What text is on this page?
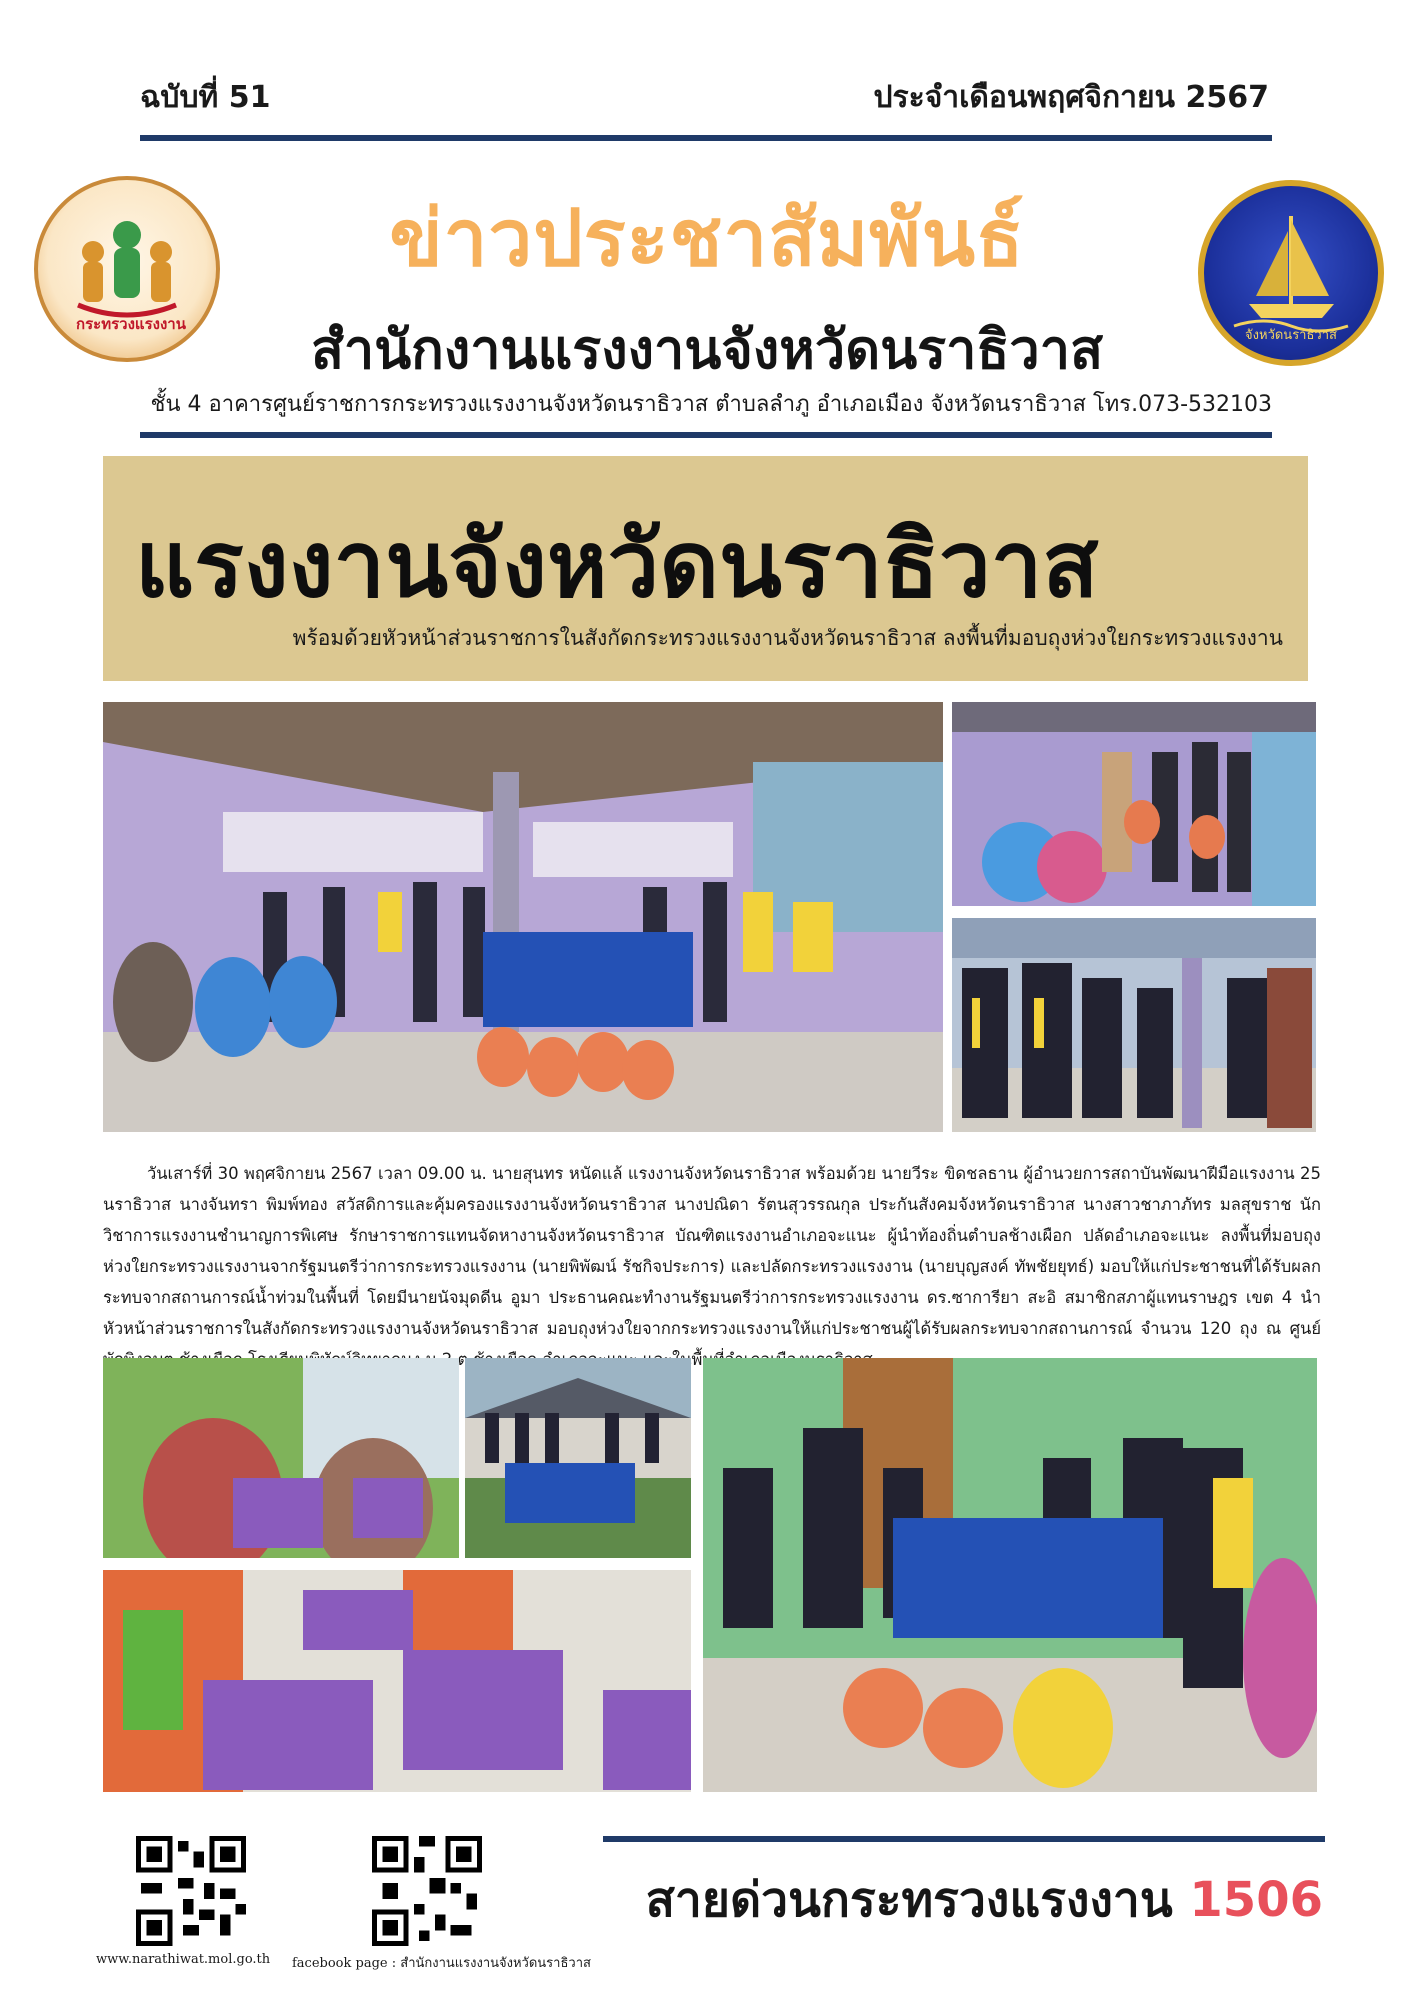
ฉบับที่ 51	ประจำเดือนพฤศจิกายน 2567
กระทรวงแรงงาน
จังหวัดนราธิวาส
ข่าวประชาสัมพันธ์
สำนักงานแรงงานจังหวัดนราธิวาส
ชั้น 4 อาคารศูนย์ราชการกระทรวงแรงงานจังหวัดนราธิวาส ตำบลลำภู อำเภอเมือง จังหวัดนราธิวาส โทร.073-532103
แรงงานจังหวัดนราธิวาส
พร้อมด้วยหัวหน้าส่วนราชการในสังกัดกระทรวงแรงงานจังหวัดนราธิวาส ลงพื้นที่มอบถุงห่วงใยกระทรวงแรงงาน

วันเสาร์ที่ 30 พฤศจิกายน 2567 เวลา 09.00 น. นายสุนทร หนัดแล้ แรงงานจังหวัดนราธิวาส พร้อมด้วย นายวีระ ขิดชลธาน ผู้อำนวยการสถาบันพัฒนาฝีมือแรงงาน 25 นราธิวาส นางจันทรา พิมพ์ทอง สวัสดิการและคุ้มครองแรงงานจังหวัดนราธิวาส นางปณิดา รัตนสุวรรณกุล ประกันสังคมจังหวัดนราธิวาส นางสาวชาภาภัทร มลสุขราช นักวิชาการแรงงานชำนาญการพิเศษ รักษาราชการแทนจัดหางานจังหวัดนราธิวาส บัณฑิตแรงงานอำเภอจะแนะ ผู้นำท้องถิ่นตำบลช้างเผือก ปลัดอำเภอจะแนะ ลงพื้นที่มอบถุงห่วงใยกระทรวงแรงงานจากรัฐมนตรีว่าการกระทรวงแรงงาน (นายพิพัฒน์ รัชกิจประการ) และปลัดกระทรวงแรงงาน (นายบุญสงค์ ทัพชัยยุทธ์) มอบให้แก่ประชาชนที่ได้รับผลกระทบจากสถานการณ์น้ำท่วมในพื้นที่ โดยมีนายนัจมุดดีน อูมา ประธานคณะทำงานรัฐมนตรีว่าการกระทรวงแรงงาน ดร.ซาการียา สะอิ สมาชิกสภาผู้แทนราษฎร เขต 4 นำหัวหน้าส่วนราชการในสังกัดกระทรวงแรงงานจังหวัดนราธิวาส มอบถุงห่วงใยจากกระทรวงแรงงานให้แก่ประชาชนผู้ได้รับผลกระทบจากสถานการณ์ จำนวน 120 ถุง ณ ศูนย์

www.narathiwat.mol.go.th facebook page : สำนักงานแรงงานจังหวัดนราธิวาส
สายด่วนกระทรวงแรงงาน 1506
